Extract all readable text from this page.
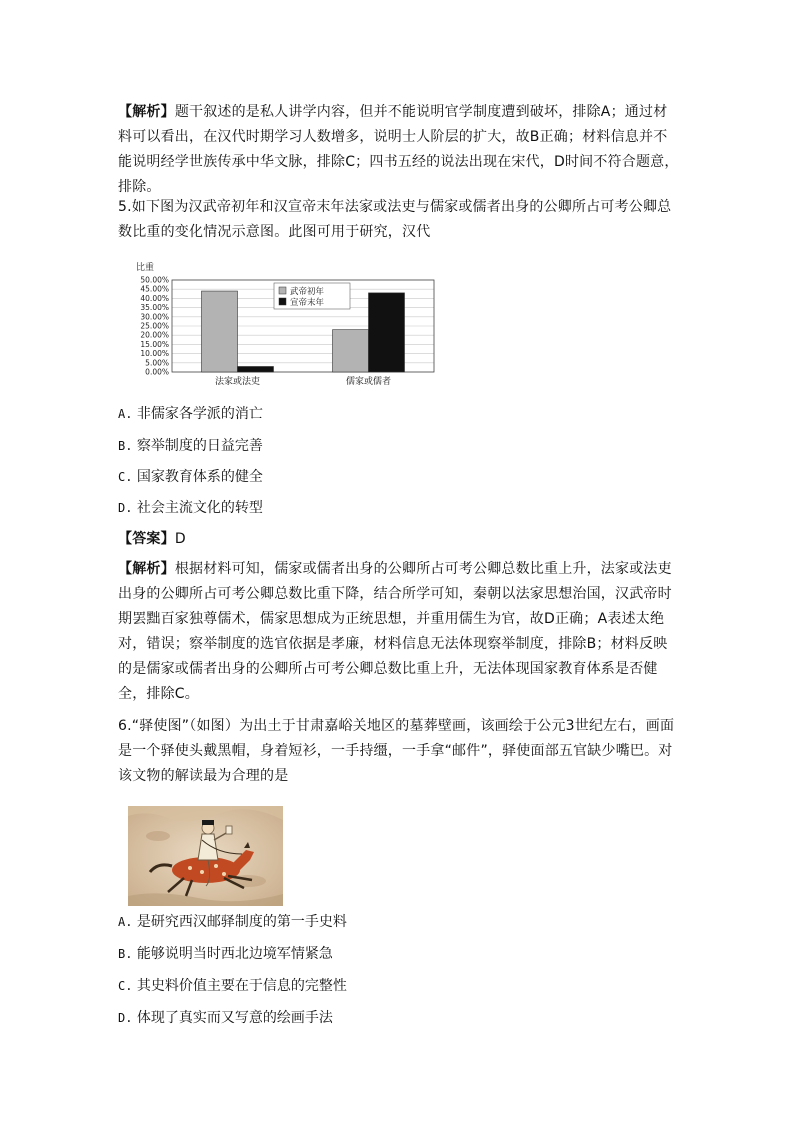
【解析】题干叙述的是私人讲学内容，但并不能说明官学制度遭到破坏，排除A；通过材料可以看出，在汉代时期学习人数增多，说明士人阶层的扩大，故B正确；材料信息并不能说明经学世族传承中华文脉，排除C；四书五经的说法出现在宋代，D时间不符合题意，排除。
5.如下图为汉武帝初年和汉宣帝末年法家或法吏与儒家或儒者出身的公卿所占可考公卿总数比重的变化情况示意图。此图可用于研究，汉代
比重
0.00%
5.00%
10.00%
15.00%
20.00%
25.00%
30.00%
35.00%
40.00%
45.00%
50.00%
法家或法吏	儒家或儒者
武帝初年
宣帝末年
A. 非儒家各学派的消亡
B. 察举制度的日益完善
C. 国家教育体系的健全
D. 社会主流文化的转型
【答案】D
【解析】根据材料可知，儒家或儒者出身的公卿所占可考公卿总数比重上升，法家或法吏出身的公卿所占可考公卿总数比重下降，结合所学可知，秦朝以法家思想治国，汉武帝时期罢黜百家独尊儒术，儒家思想成为正统思想，并重用儒生为官，故D正确；A表述太绝对，错误；察举制度的选官依据是孝廉，材料信息无法体现察举制度，排除B；材料反映的是儒家或儒者出身的公卿所占可考公卿总数比重上升，无法体现国家教育体系是否健全，排除C。
6.“驿使图”（如图）为出土于甘肃嘉峪关地区的墓葬壁画，该画绘于公元3世纪左右，画面是一个驿使头戴黑帽，身着短衫，一手持缰，一手拿“邮件”，驿使面部五官缺少嘴巴。对该文物的解读最为合理的是
A. 是研究西汉邮驿制度的第一手史料
B. 能够说明当时西北边境军情紧急
C. 其史料价值主要在于信息的完整性
D. 体现了真实而又写意的绘画手法
